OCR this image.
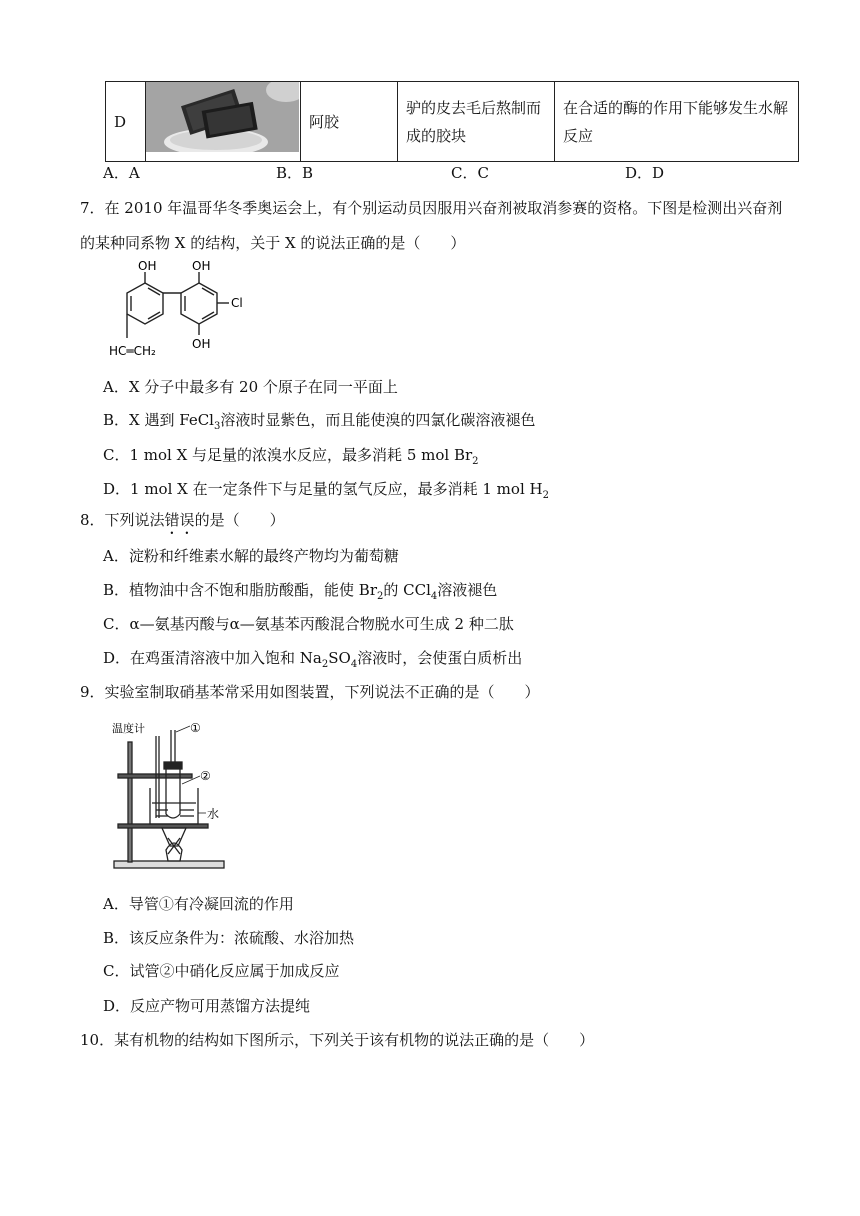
D		阿胶	驴的皮去毛后熬制而成的胶块	在合适的酶的作用下能够发生水解反应
A．A	B．B	C．C	D．D
7．在 2010 年温哥华冬季奥运会上，有个别运动员因服用兴奋剂被取消参赛的资格。下图是检测出兴奋剂
的某种同系物 X 的结构，关于 X 的说法正确的是（　　）
OH	OH
Cl
OH
HC═CH₂
A．X 分子中最多有 20 个原子在同一平面上
B．X 遇到 FeCl$_3$溶液时显紫色，而且能使溴的四氯化碳溶液褪色
C．1 mol X 与足量的浓溴水反应，最多消耗 5 mol $Br_2$
D．1 mol X 在一定条件下与足量的氢气反应，最多消耗 1 mol $H_2$
8．下列说法错误的是（　　）
A．淀粉和纤维素水解的最终产物均为葡萄糖
B．植物油中含不饱和脂肪酸酯，能使 $Br_2$的 CCl$_4$溶液褪色
C．α—氨基丙酸与α—氨基苯丙酸混合物脱水可生成 2 种二肽
D．在鸡蛋清溶液中加入饱和 $Na_2SO_4$溶液时，会使蛋白质析出
9．实验室制取硝基苯常采用如图装置，下列说法不正确的是（　　）
温度计	①
②
水
A．导管①有冷凝回流的作用
B．该反应条件为：浓硫酸、水浴加热
C．试管②中硝化反应属于加成反应
D．反应产物可用蒸馏方法提纯
10．某有机物的结构如下图所示，下列关于该有机物的说法正确的是（　　）
